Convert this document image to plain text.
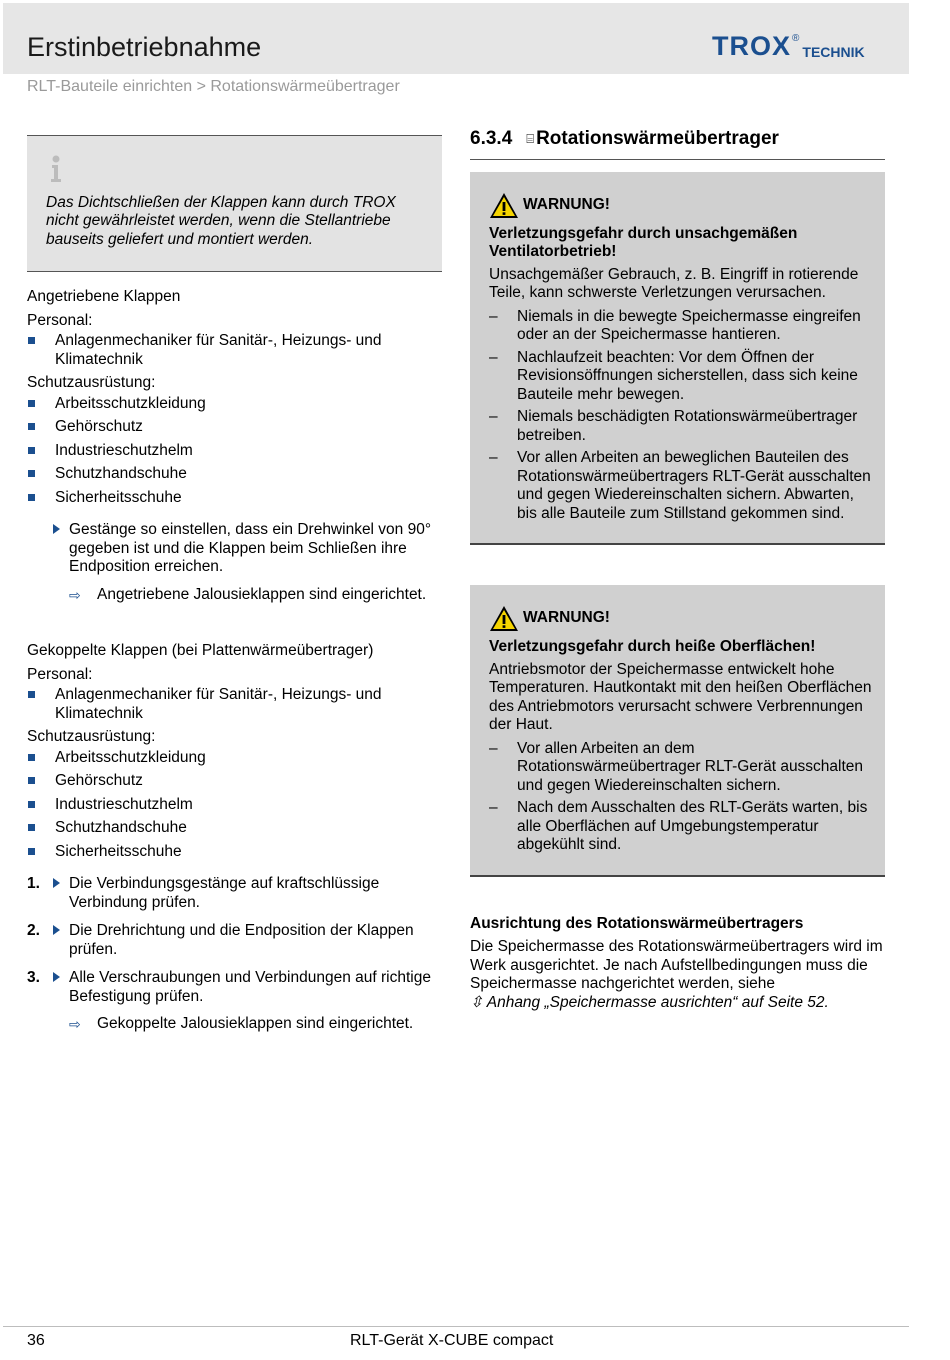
Erstinbetriebnahme	TROX ®
TECHNIK
RLT-Bauteile einrichten > Rotationswärmeübertrager
Das Dichtschließen der Klappen kann durch TROX nicht gewährleistet werden, wenn die Stellantriebe bauseits geliefert und montiert werden.
Angetriebene Klappen
Personal:
Anlagenmechaniker für Sanitär-, Heizungs- und Klimatechnik
Schutzausrüstung:
Arbeitsschutzkleidung
Gehörschutz
Industrieschutzhelm
Schutzhandschuhe
Sicherheitsschuhe
Gestänge so einstellen, dass ein Drehwinkel von 90° gegeben ist und die Klappen beim Schließen ihre Endposition erreichen.
⇨ Angetriebene Jalousieklappen sind eingerichtet.
Gekoppelte Klappen (bei Plattenwärmeübertrager)
Personal:
Anlagenmechaniker für Sanitär-, Heizungs- und Klimatechnik
Schutzausrüstung:
Arbeitsschutzkleidung
Gehörschutz
Industrieschutzhelm
Schutzhandschuhe
Sicherheitsschuhe
1. Die Verbindungsgestänge auf kraftschlüssige Verbindung prüfen.
2. Die Drehrichtung und die Endposition der Klappen prüfen.
3. Alle Verschraubungen und Verbindungen auf richtige Befestigung prüfen.
⇨ Gekoppelte Jalousieklappen sind eingerichtet.
6.3.4 ⌸ Rotationswärmeübertrager
WARNUNG!
Verletzungsgefahr durch unsachgemäßen Ventilatorbetrieb!
Unsachgemäßer Gebrauch, z. B. Eingriff in rotierende Teile, kann schwerste Verletzungen verursachen.
– Niemals in die bewegte Speichermasse eingreifen oder an der Speichermasse hantieren.
– Nachlaufzeit beachten: Vor dem Öffnen der Revisionsöffnungen sicherstellen, dass sich keine Bauteile mehr bewegen.
– Niemals beschädigten Rotationswärmeübertrager betreiben.
– Vor allen Arbeiten an beweglichen Bauteilen des Rotationswärmeübertragers RLT-Gerät ausschalten und gegen Wiedereinschalten sichern. Abwarten, bis alle Bauteile zum Stillstand gekommen sind.
WARNUNG!
Verletzungsgefahr durch heiße Oberflächen!
Antriebsmotor der Speichermasse entwickelt hohe Temperaturen. Hautkontakt mit den heißen Oberflächen des Antriebmotors verursacht schwere Verbrennungen der Haut.
– Vor allen Arbeiten an dem Rotationswärmeübertrager RLT-Gerät ausschalten und gegen Wiedereinschalten sichern.
– Nach dem Ausschalten des RLT-Geräts warten, bis alle Oberflächen auf Umgebungstemperatur abgekühlt sind.
Ausrichtung des Rotationswärmeübertragers
Die Speichermasse des Rotationswärmeübertragers wird im Werk ausgerichtet. Je nach Aufstellbedingungen muss die Speichermasse nachgerichtet werden, siehe
⇳ Anhang „Speichermasse ausrichten“ auf Seite 52.
36	RLT-Gerät X-CUBE compact
